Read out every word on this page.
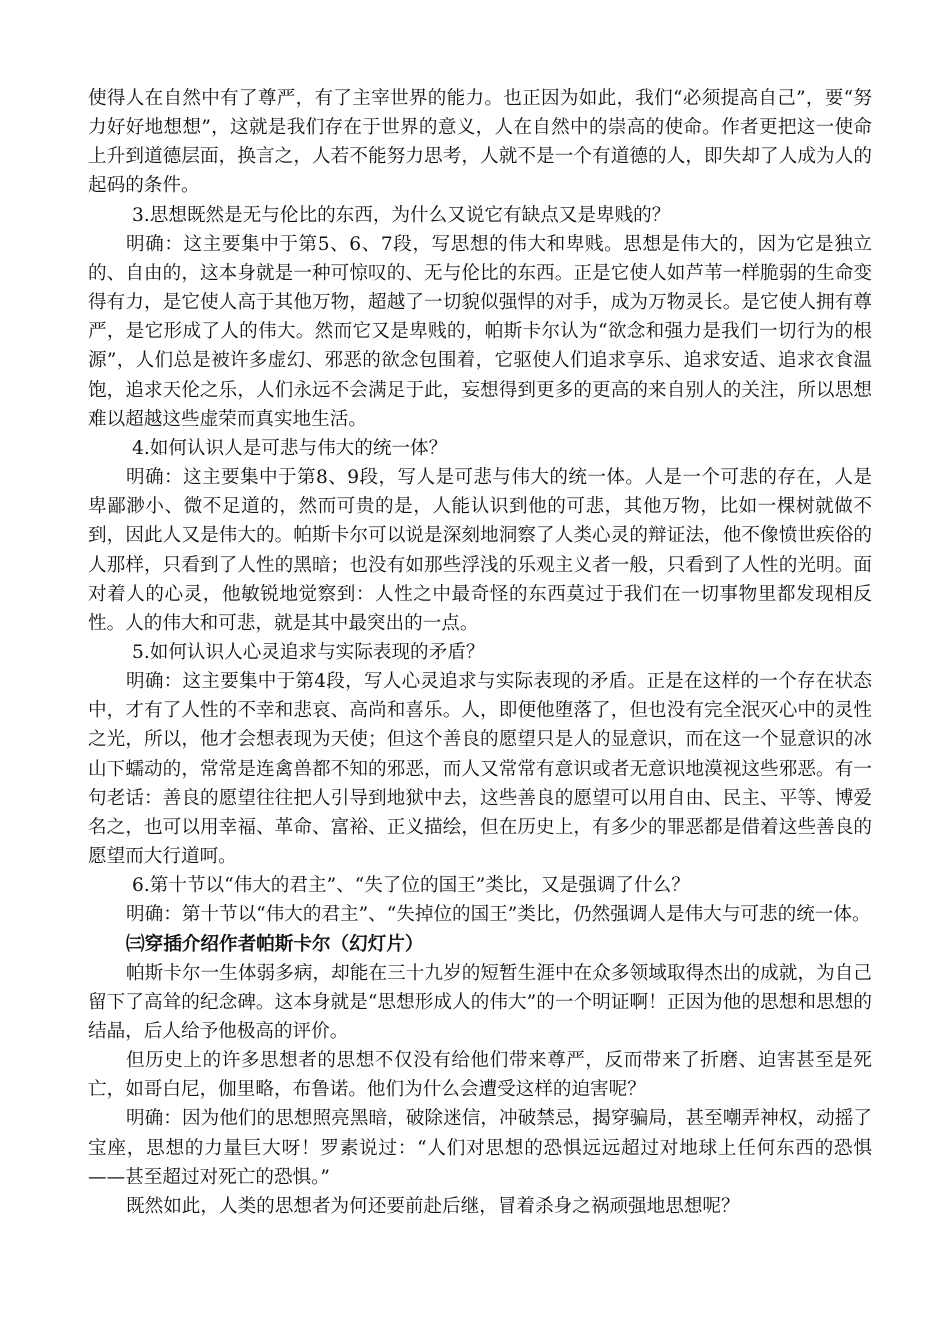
使得人在自然中有了尊严，有了主宰世界的能力。也正因为如此，我们“必须提高自己”，要“努力好好地想想”，这就是我们存在于世界的意义，人在自然中的崇高的使命。作者更把这一使命上升到道德层面，换言之，人若不能努力思考，人就不是一个有道德的人，即失却了人成为人的起码的条件。

3.思想既然是无与伦比的东西，为什么又说它有缺点又是卑贱的？

明确：这主要集中于第5、6、7段，写思想的伟大和卑贱。思想是伟大的，因为它是独立的、自由的，这本身就是一种可惊叹的、无与伦比的东西。正是它使人如芦苇一样脆弱的生命变得有力，是它使人高于其他万物，超越了一切貌似强悍的对手，成为万物灵长。是它使人拥有尊严，是它形成了人的伟大。然而它又是卑贱的，帕斯卡尔认为“欲念和强力是我们一切行为的根源”，人们总是被许多虚幻、邪恶的欲念包围着，它驱使人们追求享乐、追求安适、追求衣食温饱，追求天伦之乐，人们永远不会满足于此，妄想得到更多的更高的来自别人的关注，所以思想难以超越这些虚荣而真实地生活。

4.如何认识人是可悲与伟大的统一体？

明确：这主要集中于第8、9段，写人是可悲与伟大的统一体。人是一个可悲的存在，人是卑鄙渺小、微不足道的，然而可贵的是，人能认识到他的可悲，其他万物，比如一棵树就做不到，因此人又是伟大的。帕斯卡尔可以说是深刻地洞察了人类心灵的辩证法，他不像愤世疾俗的人那样，只看到了人性的黑暗；也没有如那些浮浅的乐观主义者一般，只看到了人性的光明。面对着人的心灵，他敏锐地觉察到：人性之中最奇怪的东西莫过于我们在一切事物里都发现相反性。人的伟大和可悲，就是其中最突出的一点。

5.如何认识人心灵追求与实际表现的矛盾？

明确：这主要集中于第4段，写人心灵追求与实际表现的矛盾。正是在这样的一个存在状态中，才有了人性的不幸和悲哀、高尚和喜乐。人，即便他堕落了，但也没有完全泯灭心中的灵性之光，所以，他才会想表现为天使；但这个善良的愿望只是人的显意识，而在这一个显意识的冰山下蠕动的，常常是连禽兽都不知的邪恶，而人又常常有意识或者无意识地漠视这些邪恶。有一句老话：善良的愿望往往把人引导到地狱中去，这些善良的愿望可以用自由、民主、平等、博爱名之，也可以用幸福、革命、富裕、正义描绘，但在历史上，有多少的罪恶都是借着这些善良的愿望而大行道呵。

6.第十节以“伟大的君主”、“失了位的国王”类比，又是强调了什么？

明确：第十节以“伟大的君主”、“失掉位的国王”类比，仍然强调人是伟大与可悲的统一体。

㈢穿插介绍作者帕斯卡尔（幻灯片）

帕斯卡尔一生体弱多病，却能在三十九岁的短暂生涯中在众多领域取得杰出的成就，为自己留下了高耸的纪念碑。这本身就是“思想形成人的伟大”的一个明证啊！正因为他的思想和思想的结晶，后人给予他极高的评价。

但历史上的许多思想者的思想不仅没有给他们带来尊严，反而带来了折磨、迫害甚至是死亡，如哥白尼，伽里略，布鲁诺。他们为什么会遭受这样的迫害呢？

明确：因为他们的思想照亮黑暗，破除迷信，冲破禁忌，揭穿骗局，甚至嘲弄神权，动摇了宝座，思想的力量巨大呀！罗素说过：“人们对思想的恐惧远远超过对地球上任何东西的恐惧——甚至超过对死亡的恐惧。”

既然如此，人类的思想者为何还要前赴后继，冒着杀身之祸顽强地思想呢？
